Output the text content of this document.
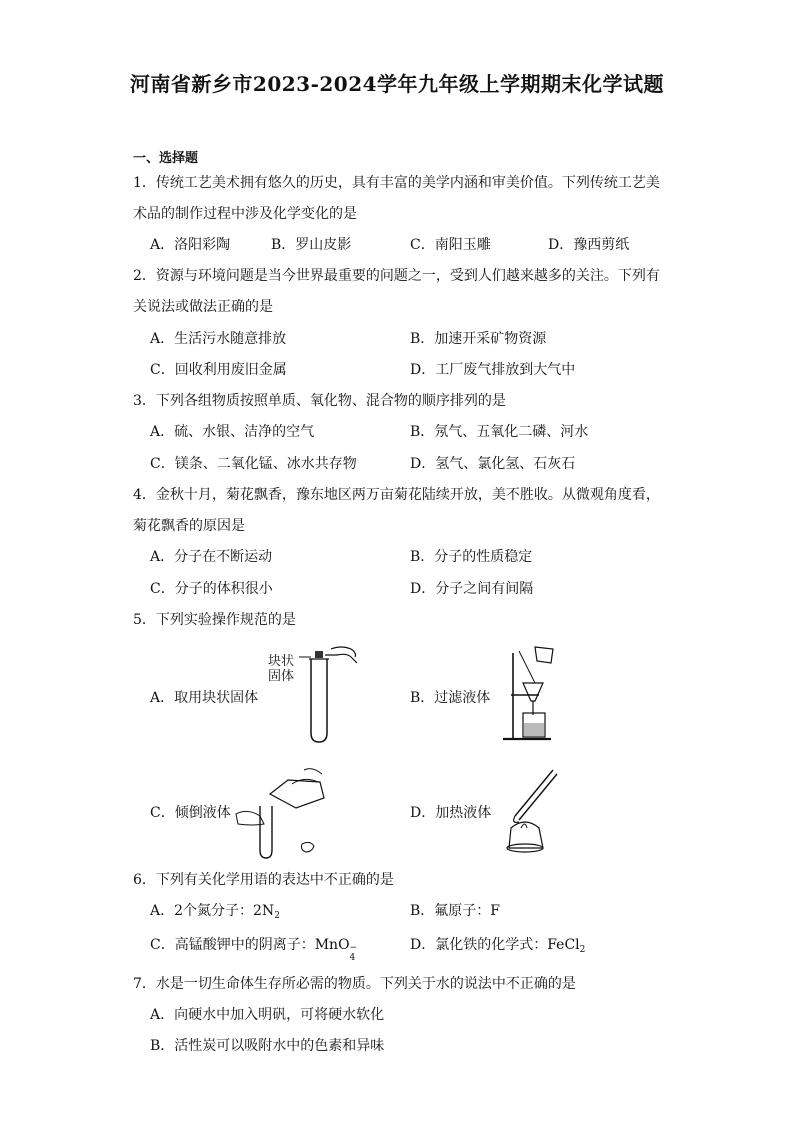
河南省新乡市2023-2024学年九年级上学期期末化学试题
一、选择题
1．传统工艺美术拥有悠久的历史，具有丰富的美学内涵和审美价值。下列传统工艺美
术品的制作过程中涉及化学变化的是
A．洛阳彩陶	B．罗山皮影	C．南阳玉雕	D．豫西剪纸
2．资源与环境问题是当今世界最重要的问题之一，受到人们越来越多的关注。下列有
关说法或做法正确的是
A．生活污水随意排放	B．加速开采矿物资源
C．回收利用废旧金属	D．工厂废气排放到大气中
3．下列各组物质按照单质、氧化物、混合物的顺序排列的是
A．硫、水银、洁净的空气	B．氖气、五氧化二磷、河水
C．镁条、二氧化锰、冰水共存物	D．氢气、氯化氢、石灰石
4．金秋十月，菊花飘香，豫东地区两万亩菊花陆续开放，美不胜收。从微观角度看，
菊花飘香的原因是
A．分子在不断运动	B．分子的性质稳定
C．分子的体积很小	D．分子之间有间隔
5．下列实验操作规范的是
A．取用块状固体	B．过滤液体
C．倾倒液体	D．加热液体
块状
固体
6．下列有关化学用语的表达中不正确的是
A．2个氮分子：$2N_2$	B．氟原子：F
C．高锰酸钾中的阴离子：MnO −
4
D．氯化铁的化学式：FeCl$_2$
7．水是一切生命体生存所必需的物质。下列关于水的说法中不正确的是
A．向硬水中加入明矾，可将硬水软化
B．活性炭可以吸附水中的色素和异味
